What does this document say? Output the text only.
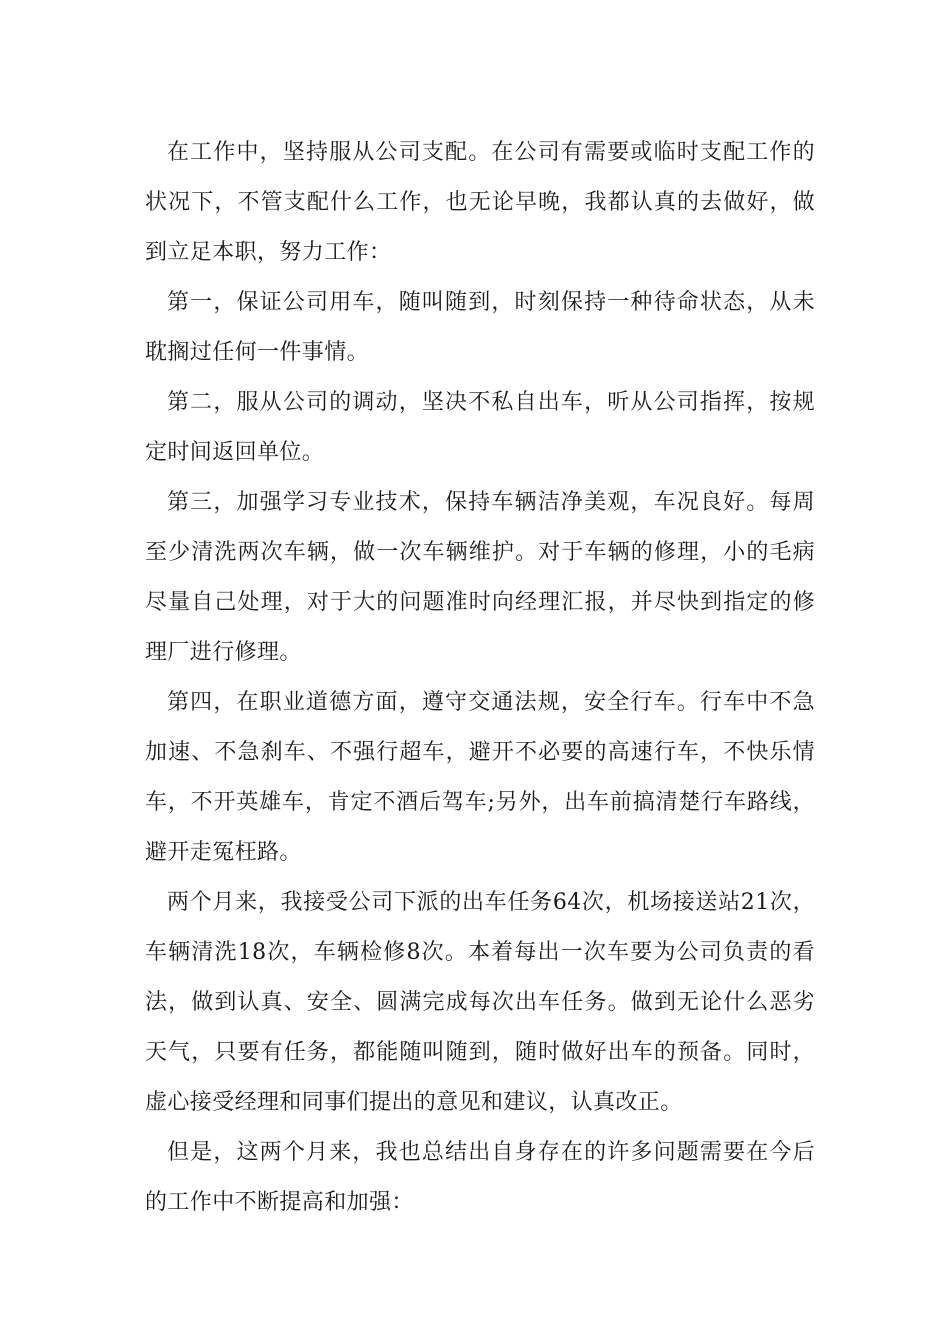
在工作中，坚持服从公司支配。在公司有需要或临时支配工作的状况下，不管支配什么工作，也无论早晚，我都认真的去做好，做到立足本职，努力工作：

第一，保证公司用车，随叫随到，时刻保持一种待命状态，从未耽搁过任何一件事情。

第二，服从公司的调动，坚决不私自出车，听从公司指挥，按规定时间返回单位。

第三，加强学习专业技术，保持车辆洁净美观，车况良好。每周至少清洗两次车辆，做一次车辆维护。对于车辆的修理，小的毛病尽量自己处理，对于大的问题准时向经理汇报，并尽快到指定的修理厂进行修理。

第四，在职业道德方面，遵守交通法规，安全行车。行车中不急加速、不急刹车、不强行超车，避开不必要的高速行车，不快乐情车，不开英雄车，肯定不酒后驾车;另外，出车前搞清楚行车路线，避开走冤枉路。

两个月来，我接受公司下派的出车任务64次，机场接送站21次，车辆清洗18次，车辆检修8次。本着每出一次车要为公司负责的看法，做到认真、安全、圆满完成每次出车任务。做到无论什么恶劣天气，只要有任务，都能随叫随到，随时做好出车的预备。同时，虚心接受经理和同事们提出的意见和建议，认真改正。

但是，这两个月来，我也总结出自身存在的许多问题需要在今后的工作中不断提高和加强：
